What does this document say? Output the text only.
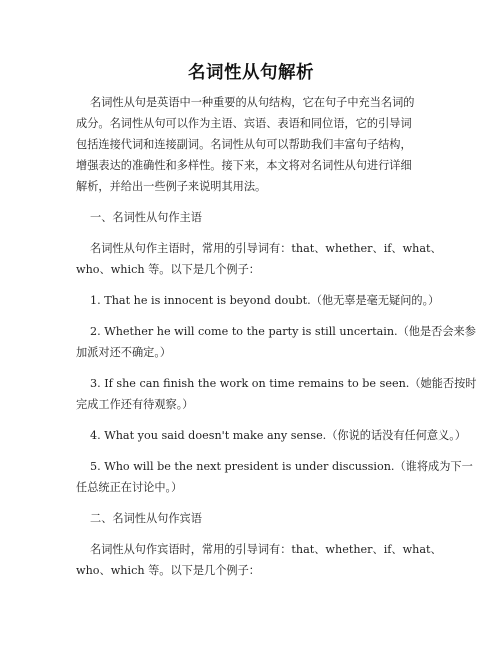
名词性从句解析
名词性从句是英语中一种重要的从句结构，它在句子中充当名词的
成分。名词性从句可以作为主语、宾语、表语和同位语，它的引导词
包括连接代词和连接副词。名词性从句可以帮助我们丰富句子结构，
增强表达的准确性和多样性。接下来，本文将对名词性从句进行详细
解析，并给出一些例子来说明其用法。
一、名词性从句作主语
名词性从句作主语时，常用的引导词有：that、whether、if、what、
who、which 等。以下是几个例子：
1. That he is innocent is beyond doubt.（他无辜是毫无疑问的。）
2. Whether he will come to the party is still uncertain.（他是否会来参
加派对还不确定。）
3. If she can finish the work on time remains to be seen.（她能否按时
完成工作还有待观察。）
4. What you said doesn't make any sense.（你说的话没有任何意义。）
5. Who will be the next president is under discussion.（谁将成为下一
任总统正在讨论中。）
二、名词性从句作宾语
名词性从句作宾语时，常用的引导词有：that、whether、if、what、
who、which 等。以下是几个例子：
